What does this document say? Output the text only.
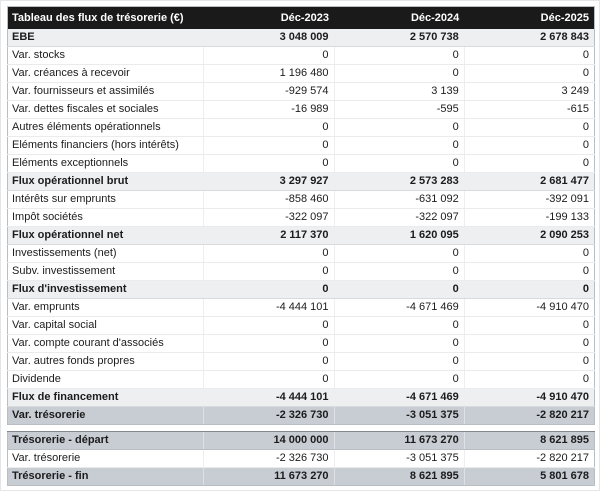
Tableau des flux de trésorerie (€)	Déc-2023	Déc-2024	Déc-2025
EBE	3 048 009	2 570 738	2 678 843
Var. stocks	0	0	0
Var. créances à recevoir	1 196 480	0	0
Var. fournisseurs et assimilés	-929 574	3 139	3 249
Var. dettes fiscales et sociales	-16 989	-595	-615
Autres éléments opérationnels	0	0	0
Eléments financiers (hors intérêts)	0	0	0
Eléments exceptionnels	0	0	0
Flux opérationnel brut	3 297 927	2 573 283	2 681 477
Intérêts sur emprunts	-858 460	-631 092	-392 091
Impôt sociétés	-322 097	-322 097	-199 133
Flux opérationnel net	2 117 370	1 620 095	2 090 253
Investissements (net)	0	0	0
Subv. investissement	0	0	0
Flux d'investissement	0	0	0
Var. emprunts	-4 444 101	-4 671 469	-4 910 470
Var. capital social	0	0	0
Var. compte courant d'associés	0	0	0
Var. autres fonds propres	0	0	0
Dividende	0	0	0
Flux de financement	-4 444 101	-4 671 469	-4 910 470
Var. trésorerie	-2 326 730	-3 051 375	-2 820 217
Trésorerie - départ	14 000 000	11 673 270	8 621 895
Var. trésorerie	-2 326 730	-3 051 375	-2 820 217
Trésorerie - fin	11 673 270	8 621 895	5 801 678
